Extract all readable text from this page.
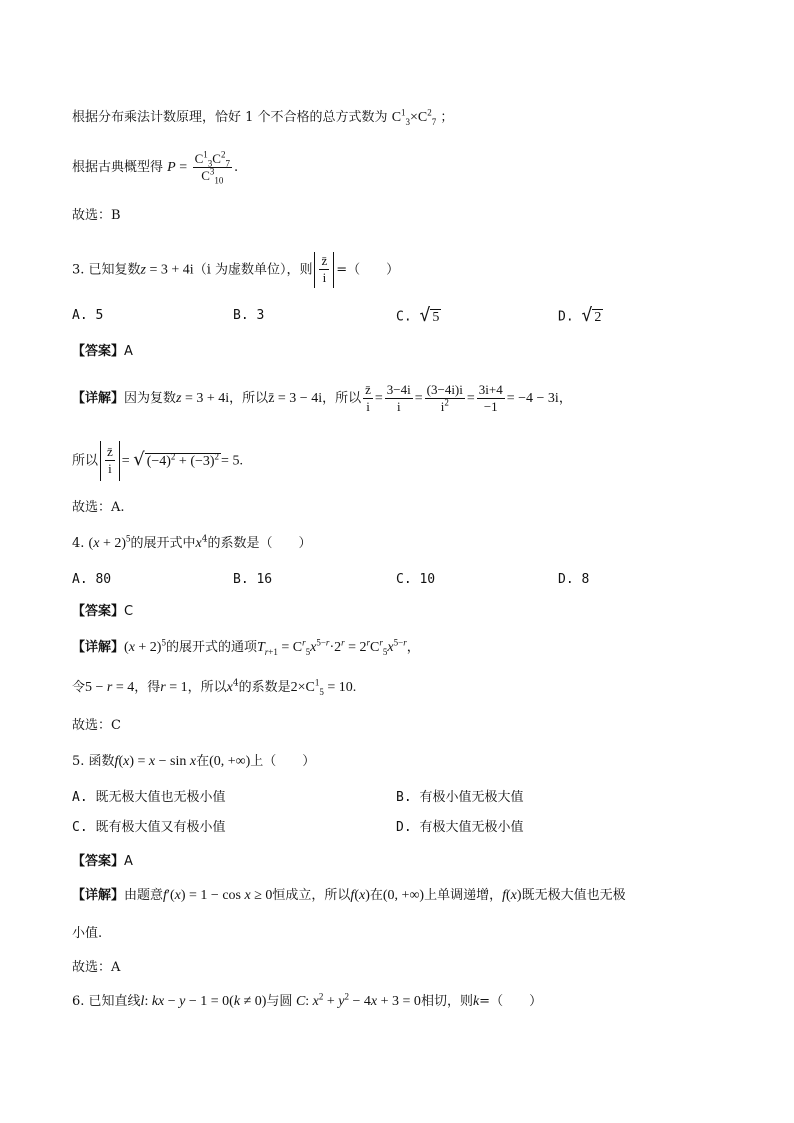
根据分布乘法计数原理，恰好 1 个不合格的总方式数为 $C^1_3\times C^2_7$ ；
根据古典概型得 $P = \frac{C^1_3C^2_7}{C^3_{10}}$ .
故选：B
3. 已知复数z = 3 + 4i（i 为虚数单位），则 $\frac{z̄}{i}$ =（　　）
A. 5	B. 3	C. √ 5	D. √ 2
【答案】A
【详解】因为复数z = 3 + 4i，所以z̄ = 3 − 4i，所以 $\frac{z̄}{i} = \frac{3-4i}{i} = \frac{(3-4i)i}{i^2} = \frac{3i+4}{-1} = -4 - 3i$，
所以 $\frac{z̄}{i}$ = √ $(-4)^2 + (-3)^2 = 5$.
故选：A.
4. $(x + 2)^5$的展开式中$x^4$的系数是（　　）
A. 80	B. 16	C. 10	D. 8
【答案】C
【详解】$(x + 2)^5$的展开式的通项$T_{r+1} = C^r_5x^{5-r}\cdot 2^r = 2^rC^r_5x^{5-r}$，
令5 − r = 4，得r = 1，所以$x^4$的系数是$2\times C^1_5 = 10$.
故选：C
5. 函数f(x) = x − sin x在(0, +∞)上（　　）
A. 既无极大值也无极小值	B. 有极小值无极大值
C. 既有极大值又有极小值	D. 有极大值无极小值
【答案】A
【详解】由题意f′(x) = 1 − cos x ≥ 0恒成立，所以f(x)在(0, +∞)上单调递增，f(x)既无极大值也无极
小值.
故选：A
6. 已知直线l: kx − y − 1 = 0(k ≠ 0)与圆 C: $x^2 + y^2 - 4x + 3 = 0$相切，则k=（　　）
